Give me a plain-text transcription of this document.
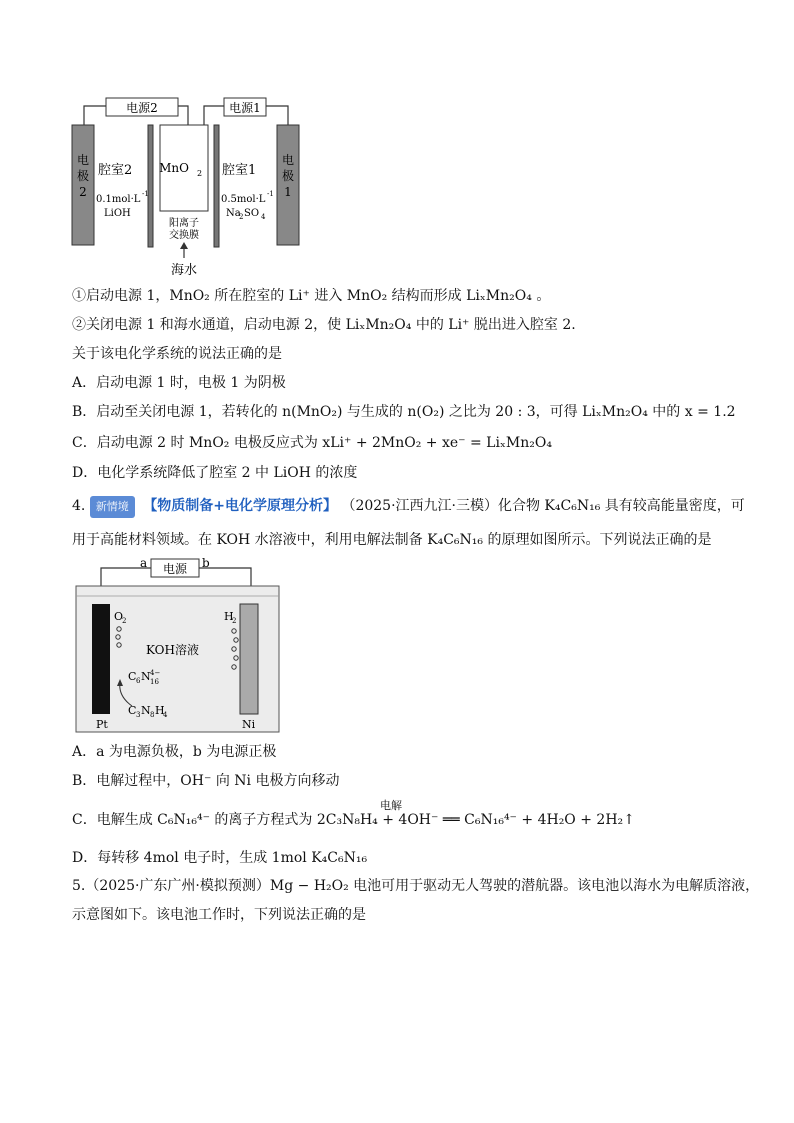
电源2	电源1
电
极
2
电
极
1
MnO 2
腔室2
0.1mol·L -1
LiOH
腔室1
0.5mol·L -1
Na
2 SO 4
阳离子
交换膜
海水
①启动电源 1，MnO₂ 所在腔室的 Li⁺ 进入 MnO₂ 结构而形成 LiₓMn₂O₄ 。
②关闭电源 1 和海水通道，启动电源 2，使 LiₓMn₂O₄ 中的 Li⁺ 脱出进入腔室 2.
关于该电化学系统的说法正确的是
A．启动电源 1 时，电极 1 为阴极
B．启动至关闭电源 1，若转化的 n(MnO₂) 与生成的 n(O₂) 之比为 20 : 3，可得 LiₓMn₂O₄ 中的 x = 1.2
C．启动电源 2 时 MnO₂ 电极反应式为 xLi⁺ + 2MnO₂ + xe⁻ = LiₓMn₂O₄
D．电化学系统降低了腔室 2 中 LiOH 的浓度
4. 新情境 【物质制备+电化学原理分析】 （2025·江西九江·三模）化合物 K₄C₆N₁₆ 具有较高能量密度，可
用于高能材料领域。在 KOH 水溶液中，利用电解法制备 K₄C₆N₁₆ 的原理如图所示。下列说法正确的是
电源
a	b
O
2	H
2
KOH溶液
C 6 N 16
4−
C 3 N 8 H
4
Pt	Ni
A．a 为电源负极，b 为电源正极
B．电解过程中，OH⁻ 向 Ni 电极方向移动
电解
C．电解生成 C₆N₁₆⁴⁻ 的离子方程式为 2C₃N₈H₄ + 4OH⁻ ══ C₆N₁₆⁴⁻ + 4H₂O + 2H₂↑
D．每转移 4mol 电子时，生成 1mol K₄C₆N₁₆
5.（2025·广东广州·模拟预测）Mg − H₂O₂ 电池可用于驱动无人驾驶的潜航器。该电池以海水为电解质溶液，
示意图如下。该电池工作时，下列说法正确的是
